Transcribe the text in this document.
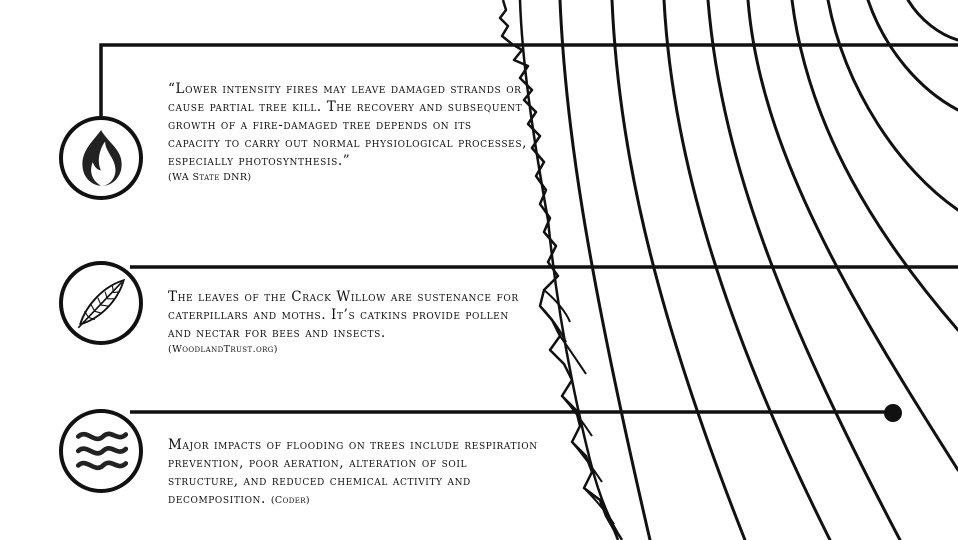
“Lower intensity fires may leave damaged strands or cause partial tree kill. The recovery and subsequent growth of a fire-damaged tree depends on its capacity to carry out normal physiological processes, especially photosynthesis.”
(WA State DNR)
The leaves of the Crack Willow are sustenance for caterpillars and moths. It’s catkins provide pollen and nectar for bees and insects.
(WoodlandTrust.org)
Major impacts of flooding on trees include respiration prevention, poor aeration, alteration of soil structure, and reduced chemical activity and decomposition. (Coder)
